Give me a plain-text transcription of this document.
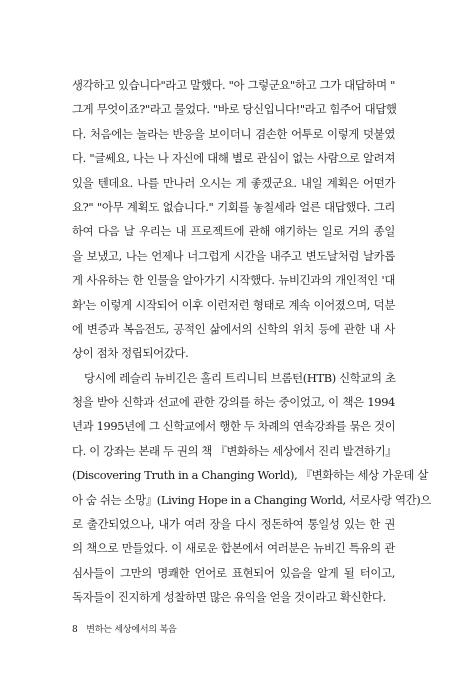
생각하고 있습니다"라고 말했다. "아 그렇군요"하고 그가 대답하며 "
그게 무엇이죠?"라고 물었다. "바로 당신입니다!"라고 힘주어 대답했
다. 처음에는 놀라는 반응을 보이더니 겸손한 어투로 이렇게 덧붙였
다. "글쎄요, 나는 나 자신에 대해 별로 관심이 없는 사람으로 알려져
있을 텐데요. 나를 만나러 오시는 게 좋겠군요. 내일 계획은 어떤가
요?" "아무 계획도 없습니다." 기회를 놓칠세라 얼른 대답했다. 그리
하여 다음 날 우리는 내 프로젝트에 관해 얘기하는 일로 거의 종일
을 보냈고, 나는 언제나 너그럽게 시간을 내주고 변도날처럼 날카롭
게 사유하는 한 인물을 알아가기 시작했다. 뉴비긴과의 개인적인 '대
화'는 이렇게 시작되어 이후 이런저런 형태로 계속 이어졌으며, 덕분
에 변증과 복음전도, 공적인 삶에서의 신학의 위치 등에 관한 내 사
상이 점차 정립되어갔다.
당시에 레슬리 뉴비긴은 홀리 트리니티 브롬턴(HTB) 신학교의 초
청을 받아 신학과 선교에 관한 강의를 하는 중이었고, 이 책은 1994
년과 1995년에 그 신학교에서 행한 두 차례의 연속강좌를 묶은 것이
다. 이 강좌는 본래 두 권의 책 『변화하는 세상에서 진리 발견하기』
(Discovering Truth in a Changing World), 『변화하는 세상 가운데 살
아 숨 쉬는 소망』(Living Hope in a Changing World, 서로사랑 역간)으
로 출간되었으나, 내가 여러 장을 다시 정돈하여 통일성 있는 한 권
의 책으로 만들었다. 이 새로운 합본에서 여러분은 뉴비긴 특유의 관
심사들이 그만의 명쾌한 언어로 표현되어 있음을 알게 될 터이고,
독자들이 진지하게 성찰하면 많은 유익을 얻을 것이라고 확신한다.
8 변하는 세상에서의 복음
